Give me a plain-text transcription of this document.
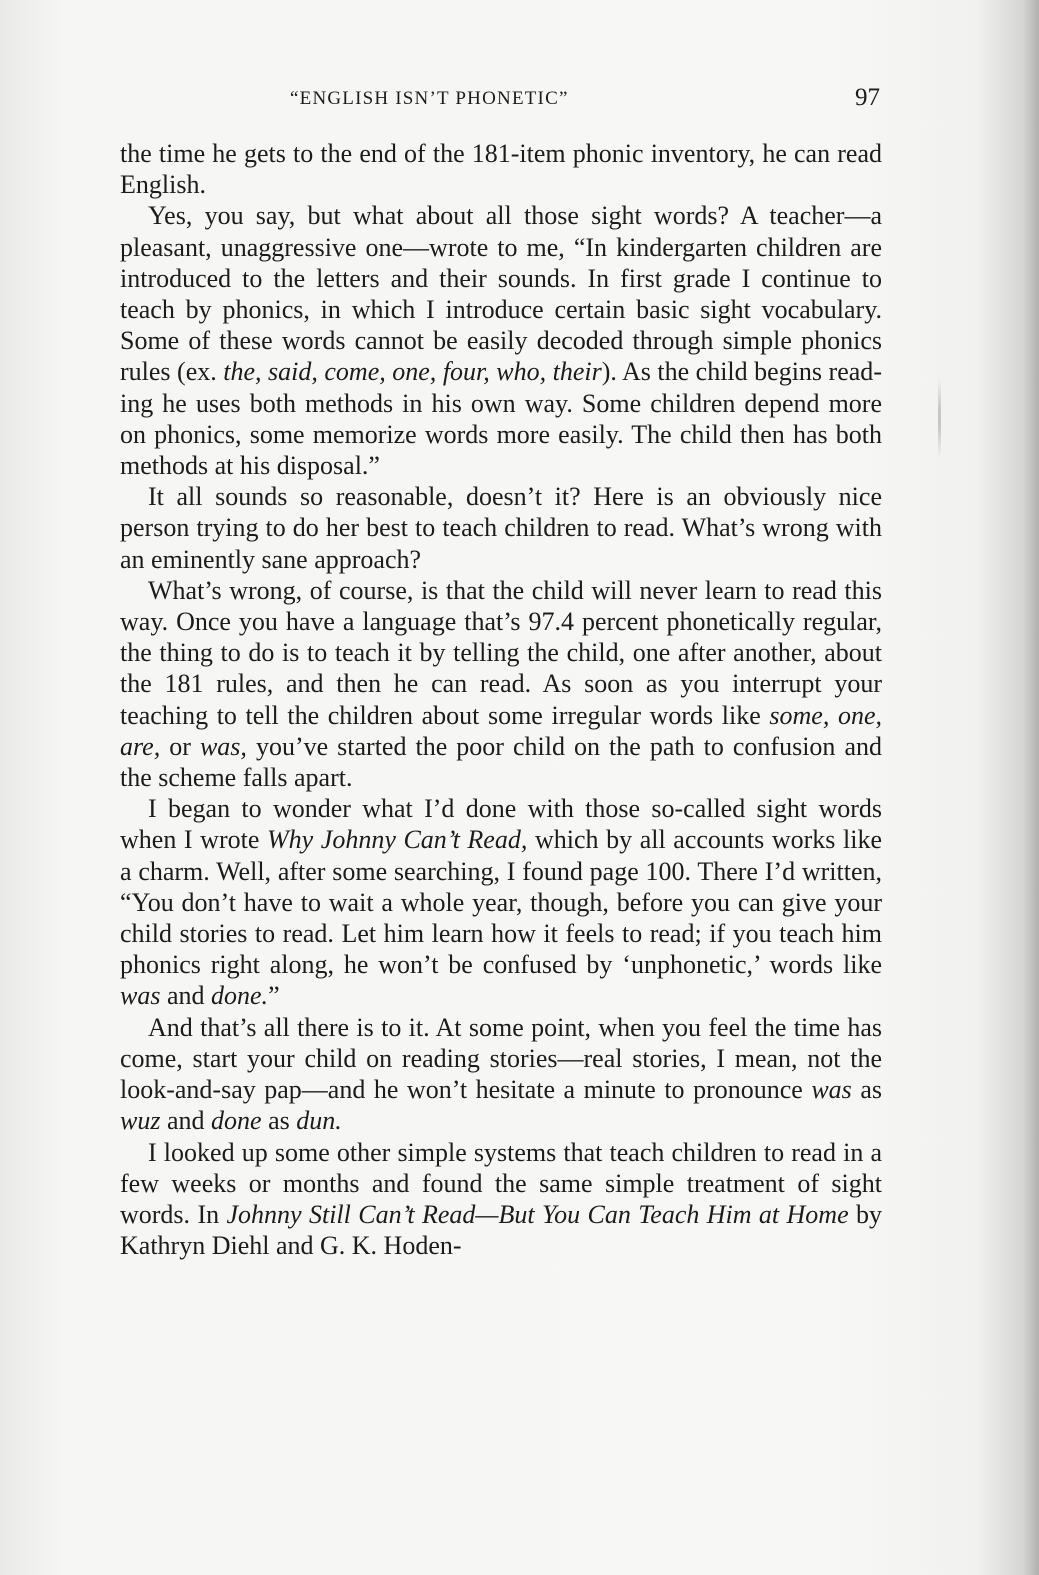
“ENGLISH ISN’T PHONETIC”	97

the time he gets to the end of the 181-item phonic inventory, he can read English.

Yes, you say, but what about all those sight words? A teacher—a pleasant, unaggressive one—wrote to me, “In kindergarten children are introduced to the letters and their sounds. In first grade I continue to teach by phonics, in which I introduce certain basic sight vocabulary. Some of these words cannot be easily decoded through simple phonics rules (ex. the, said, come, one, four, who, their). As the child begins reading he uses both methods in his own way. Some children depend more on phonics, some memorize words more easily. The child then has both methods at his disposal.”

It all sounds so reasonable, doesn’t it? Here is an obviously nice person trying to do her best to teach children to read. What’s wrong with an eminently sane approach?

What’s wrong, of course, is that the child will never learn to read this way. Once you have a language that’s 97.4 percent phonetically regular, the thing to do is to teach it by telling the child, one after another, about the 181 rules, and then he can read. As soon as you interrupt your teaching to tell the children about some irregular words like some, one, are, or was, you’ve started the poor child on the path to confusion and the scheme falls apart.

I began to wonder what I’d done with those so-called sight words when I wrote Why Johnny Can’t Read, which by all accounts works like a charm. Well, after some searching, I found page 100. There I’d written, “You don’t have to wait a whole year, though, before you can give your child stories to read. Let him learn how it feels to read; if you teach him phonics right along, he won’t be confused by ‘unphonetic,’ words like was and done.”

And that’s all there is to it. At some point, when you feel the time has come, start your child on reading stories—real stories, I mean, not the look-and-say pap—and he won’t hesitate a minute to pronounce was as wuz and done as dun.

I looked up some other simple systems that teach children to read in a few weeks or months and found the same simple treatment of sight words. In Johnny Still Can’t Read—But You Can Teach Him at Home by Kathryn Diehl and G. K. Hoden-
